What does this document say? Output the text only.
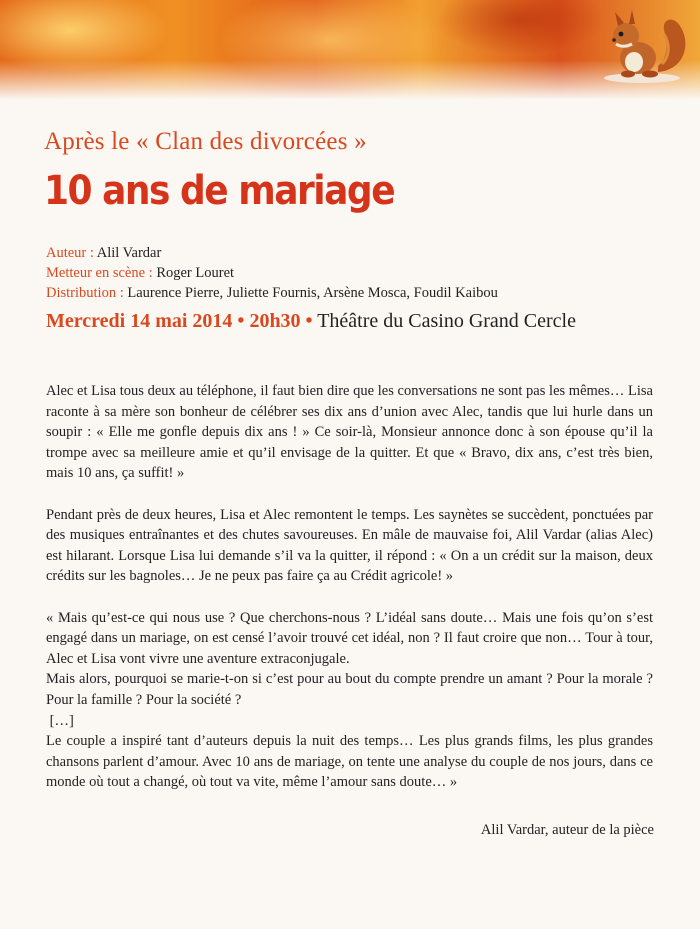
Après le « Clan des divorcées »
10 ans de mariage
Auteur : Alil Vardar
Metteur en scène : Roger Louret
Distribution : Laurence Pierre, Juliette Fournis, Arsène Mosca, Foudil Kaibou
Mercredi 14 mai 2014 • 20h30 • Théâtre du Casino Grand Cercle

Alec et Lisa tous deux au téléphone, il faut bien dire que les conversations ne sont pas les mêmes… Lisa raconte à sa mère son bonheur de célébrer ses dix ans d’union avec Alec, tandis que lui hurle dans un soupir : « Elle me gonfle depuis dix ans ! » Ce soir-là, Monsieur annonce donc à son épouse qu’il la trompe avec sa meilleure amie et qu’il envisage de la quitter. Et que « Bravo, dix ans, c’est très bien, mais 10 ans, ça suffit! »

Pendant près de deux heures, Lisa et Alec remontent le temps. Les saynètes se succèdent, ponctuées par des musiques entraînantes et des chutes savoureuses. En mâle de mauvaise foi, Alil Vardar (alias Alec) est hilarant. Lorsque Lisa lui demande s’il va la quitter, il répond : « On a un crédit sur la maison, deux crédits sur les bagnoles… Je ne peux pas faire ça au Crédit agricole! »

« Mais qu’est-ce qui nous use ? Que cherchons-nous ? L’idéal sans doute… Mais une fois qu’on s’est engagé dans un mariage, on est censé l’avoir trouvé cet idéal, non ? Il faut croire que non… Tour à tour, Alec et Lisa vont vivre une aventure extraconjugale.

Mais alors, pourquoi se marie-t-on si c’est pour au bout du compte prendre un amant ? Pour la morale ? Pour la famille ? Pour la société ?

[…]

Le couple a inspiré tant d’auteurs depuis la nuit des temps… Les plus grands films, les plus grandes chansons parlent d’amour. Avec 10 ans de mariage, on tente une analyse du couple de nos jours, dans ce monde où tout a changé, où tout va vite, même l’amour sans doute… »

Alil Vardar, auteur de la pièce
